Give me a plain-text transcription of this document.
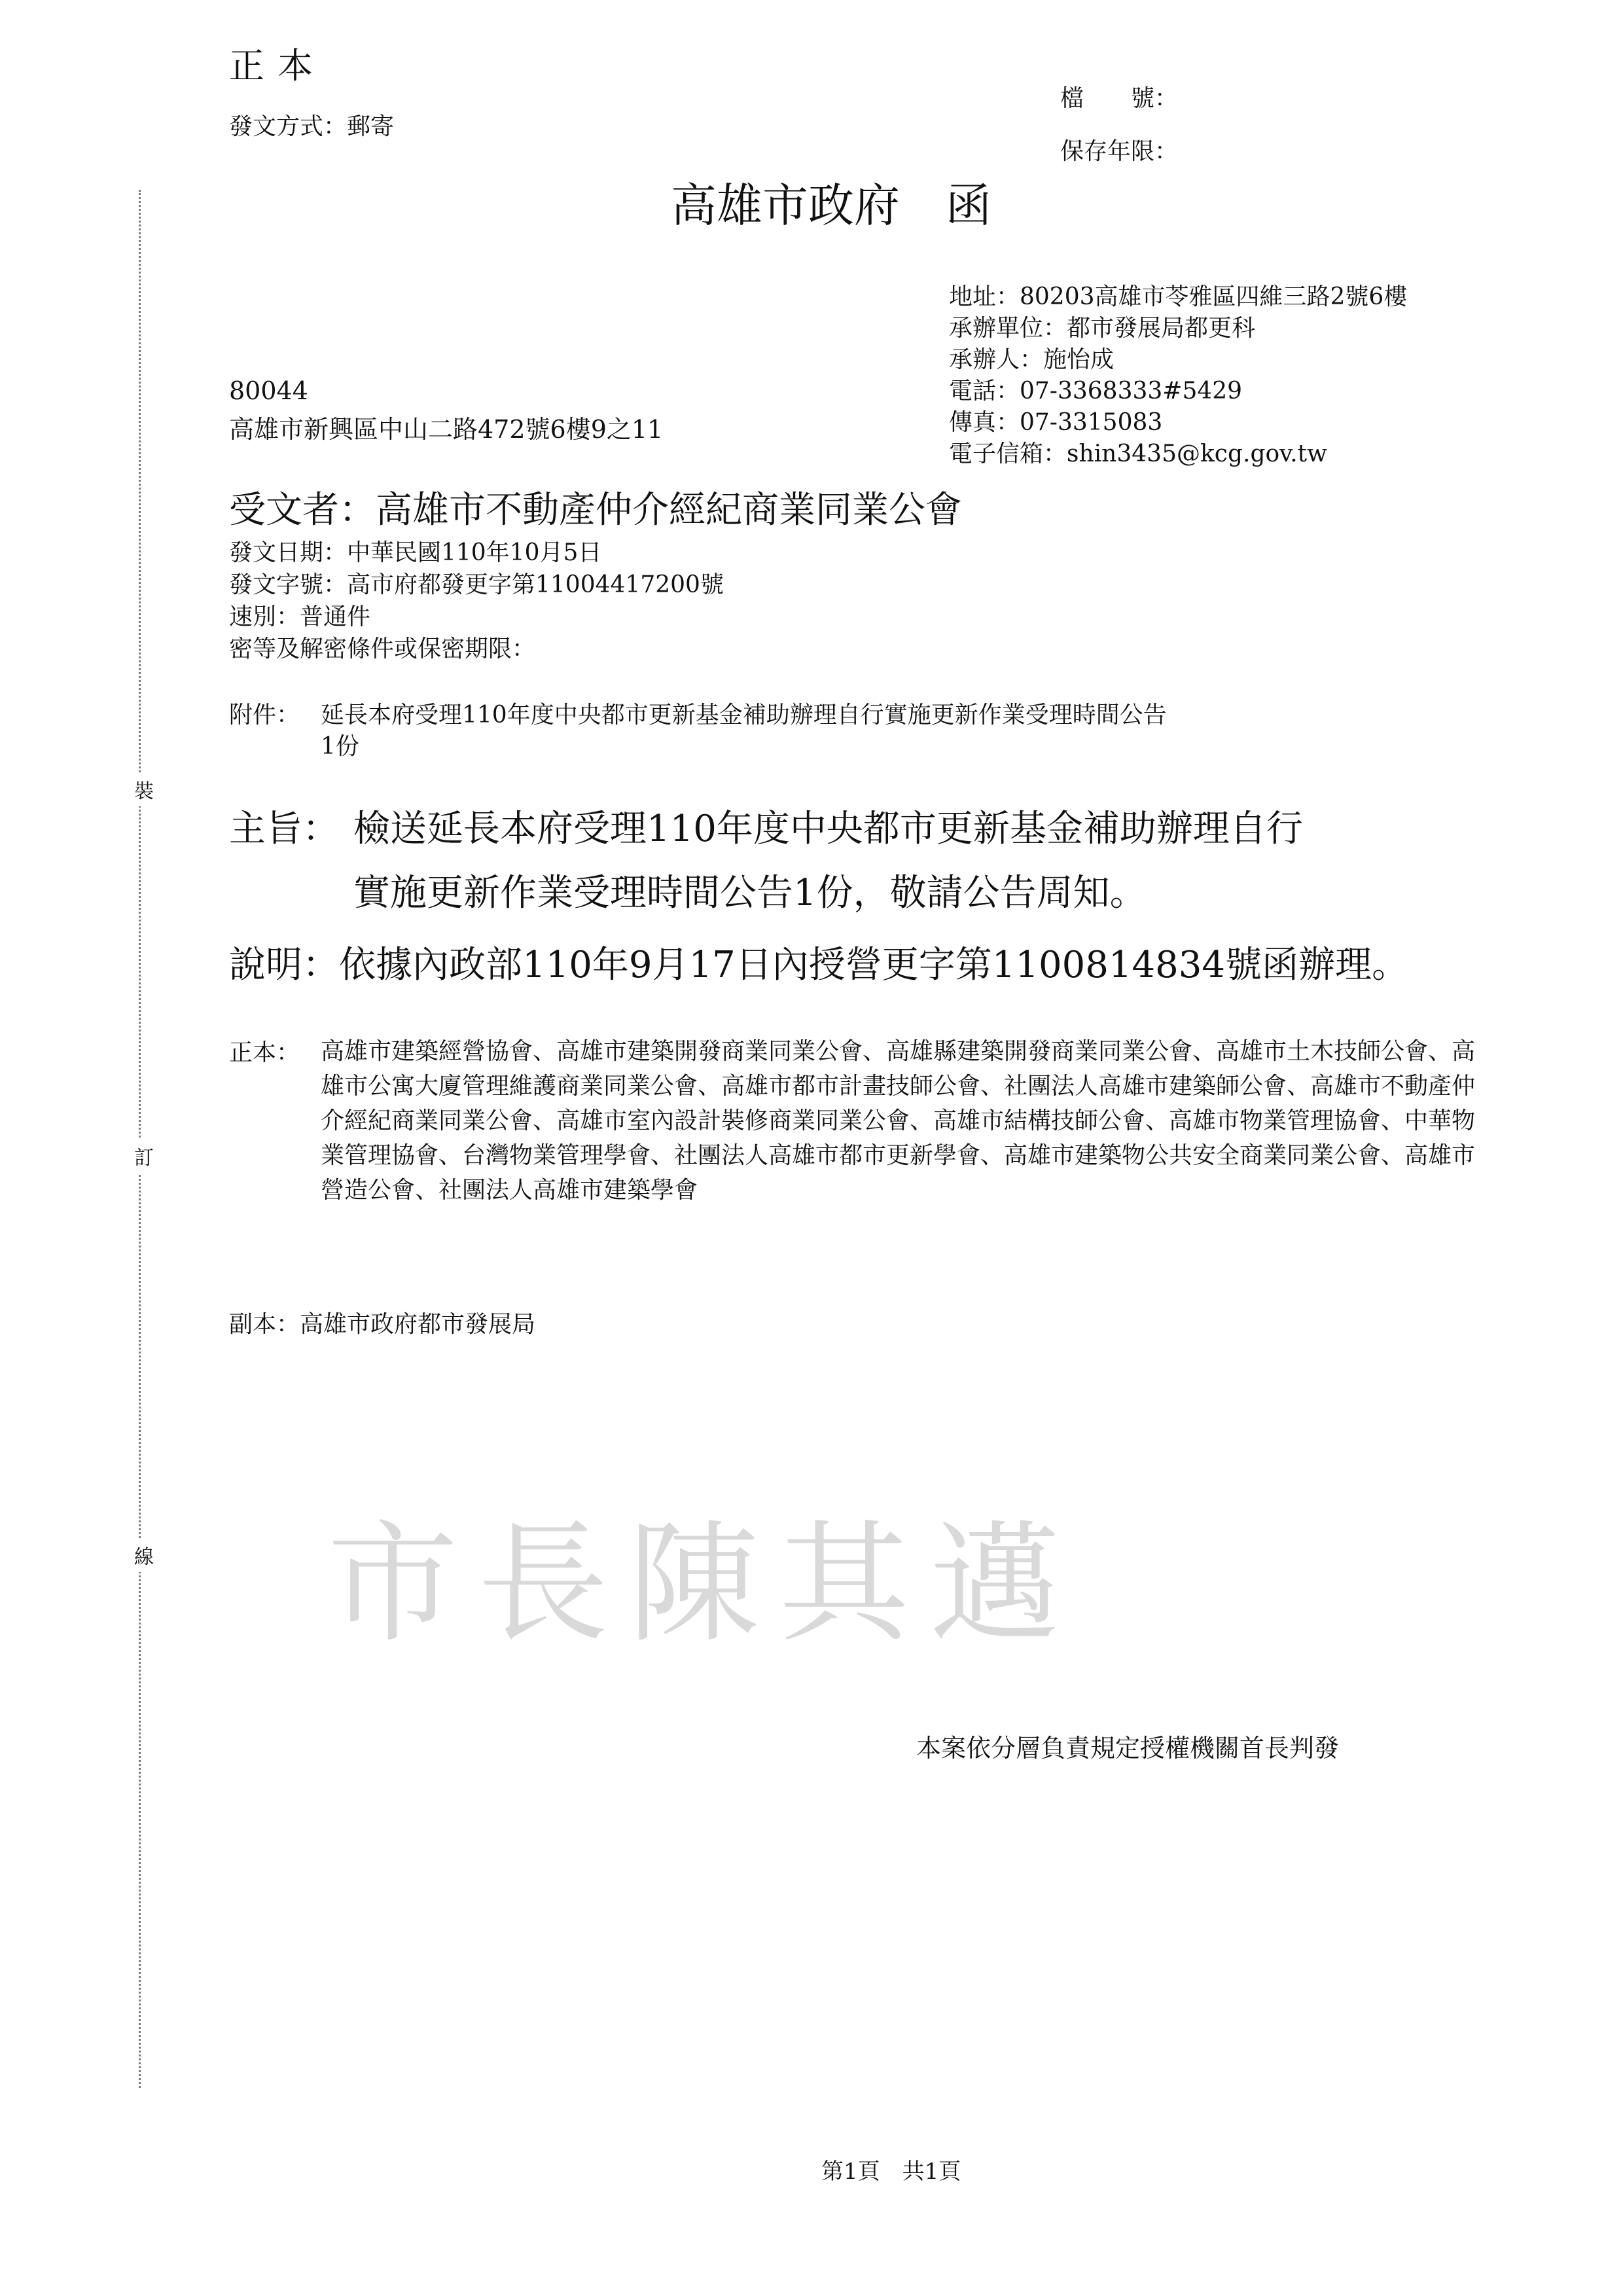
裝
訂
線
正本
發文方式：郵寄
檔　　號：
保存年限：
高雄市政府　函
地址：80203高雄市苓雅區四維三路2號6樓
承辦單位：都市發展局都更科
承辦人：施怡成
電話：07-3368333#5429
傳真：07-3315083
電子信箱：shin3435@kcg.gov.tw
80044
高雄市新興區中山二路472號6樓9之11
受文者：高雄市不動產仲介經紀商業同業公會
發文日期：中華民國110年10月5日
發文字號：高市府都發更字第11004417200號
速別：普通件
密等及解密條件或保密期限：
附件： 延長本府受理110年度中央都市更新基金補助辦理自行實施更新作業受理時間公告
1份
主旨： 檢送延長本府受理110年度中央都市更新基金補助辦理自行
實施更新作業受理時間公告1份，敬請公告周知。
說明：依據內政部110年9月17日內授營更字第1100814834號函辦理。
正本： 高雄市建築經營協會、高雄市建築開發商業同業公會、高雄縣建築開發商業同業公會、高雄市土木技師公會、高雄市公寓大廈管理維護商業同業公會、高雄市都市計畫技師公會、社團法人高雄市建築師公會、高雄市不動產仲介經紀商業同業公會、高雄市室內設計裝修商業同業公會、高雄市結構技師公會、高雄市物業管理協會、中華物業管理協會、台灣物業管理學會、社團法人高雄市都市更新學會、高雄市建築物公共安全商業同業公會、高雄市營造公會、社團法人高雄市建築學會
副本：高雄市政府都市發展局
市長陳其邁
本案依分層負責規定授權機關首長判發
第1頁　共1頁
